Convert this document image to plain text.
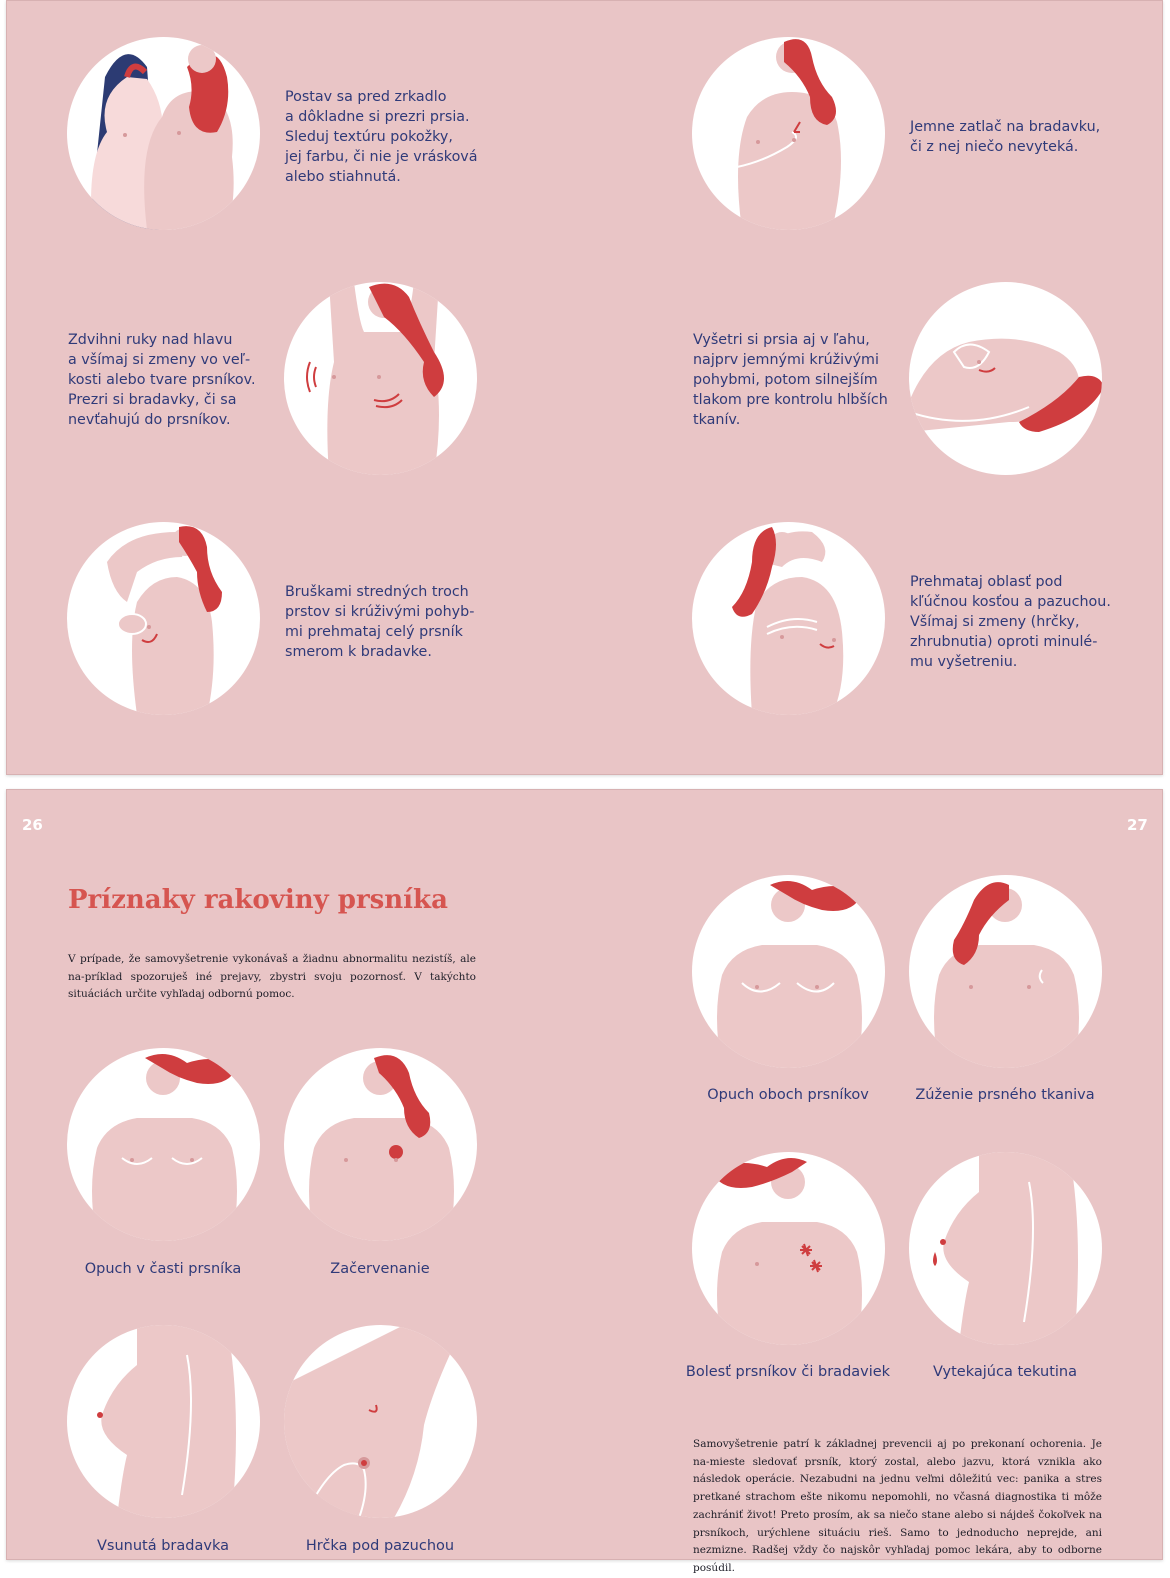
Postav sa pred zrkadlo
a dôkladne si prezri prsia.
Sleduj textúru pokožky,
jej farbu, či nie je vrásková
alebo stiahnutá.
Jemne zatlač na bradavku,
či z nej niečo nevyteká.
Zdvihni ruky nad hlavu
a všímaj si zmeny vo veľ-
kosti alebo tvare prsníkov.
Prezri si bradavky, či sa
nevťahujú do prsníkov.
Vyšetri si prsia aj v ľahu,
najprv jemnými krúživými
pohybmi, potom silnejším
tlakom pre kontrolu hlbších
tkanív.
Bruškami stredných troch
prstov si krúživými pohyb-
mi prehmataj celý prsník
smerom k bradavke.
Prehmataj oblasť pod
kľúčnou kosťou a pazuchou.
Všímaj si zmeny (hrčky,
zhrubnutia) oproti minulé-
mu vyšetreniu.
26	27
Príznaky rakoviny prsníka
V prípade, že samovyšetrenie vykonávaš a žiadnu abnormalitu nezistíš, ale na-príklad spozoruješ iné prejavy, zbystri svoju pozornosť. V takýchto situáciách určite vyhľadaj odbornú pomoc.
Opuch v časti prsníka	Začervenanie
Vsunutá bradavka	Hrčka pod pazuchou
Opuch oboch prsníkov	Zúženie prsného tkaniva
Bolesť prsníkov či bradaviek	Vytekajúca tekutina
Samovyšetrenie patrí k základnej prevencii aj po prekonaní ochorenia. Je na-mieste sledovať prsník, ktorý zostal, alebo jazvu, ktorá vznikla ako následok operácie. Nezabudni na jednu veľmi dôležitú vec: panika a stres pretkané strachom ešte nikomu nepomohli, no včasná diagnostika ti môže zachrániť život! Preto prosím, ak sa niečo stane alebo si nájdeš čokoľvek na prsníkoch, urýchlene situáciu rieš. Samo to jednoducho neprejde, ani nezmizne. Radšej vždy čo najskôr vyhľadaj pomoc lekára, aby to odborne posúdil.
